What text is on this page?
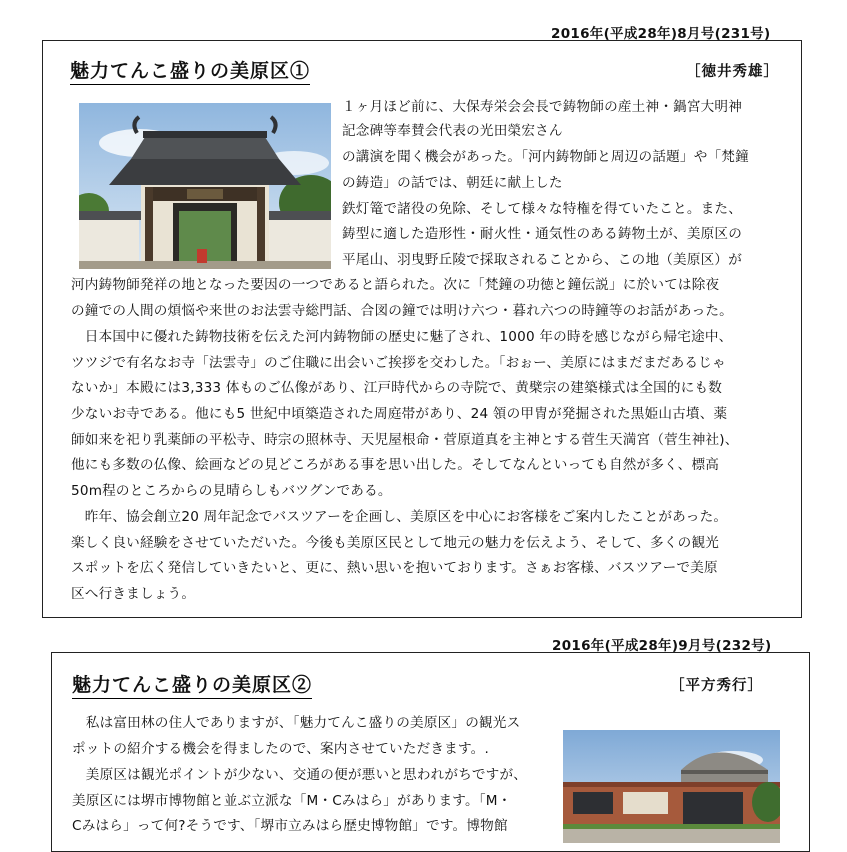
2016年(平成28年)8月号(231号)
魅力てんこ盛りの美原区①	［徳井秀雄］
１ヶ月ほど前に、大保寿栄会会長で鋳物師の産土神・鍋宮大明神
記念碑等奉賛会代表の光田榮宏さん
の講演を聞く機会があった。「河内鋳物師と周辺の話題」や「梵鐘
の鋳造」の話では、朝廷に献上した
鉄灯篭で諸役の免除、そして様々な特権を得ていたこと。また、
鋳型に適した造形性・耐火性・通気性のある鋳物土が、美原区の
平尾山、羽曳野丘陵で採取されることから、この地（美原区）が
河内鋳物師発祥の地となった要因の一つであると語られた。次に「梵鐘の功徳と鐘伝説」に於いては除夜
の鐘での人間の煩悩や来世のお法雲寺総門話、合図の鐘では明け六つ・暮れ六つの時鐘等のお話があった。
　日本国中に優れた鋳物技術を伝えた河内鋳物師の歴史に魅了され、1000 年の時を感じながら帰宅途中、
ツツジで有名なお寺「法雲寺」のご住職に出会いご挨拶を交わした。「おぉー、美原にはまだまだあるじゃ
ないか」本殿には3,333 体ものご仏像があり、江戸時代からの寺院で、黄檗宗の建築様式は全国的にも数
少ないお寺である。他にも5 世紀中頃築造された周庭帯があり、24 領の甲冑が発掘された黒姫山古墳、薬
師如来を祀り乳薬師の平松寺、時宗の照林寺、天児屋根命・菅原道真を主神とする菅生天満宮（菅生神社)、
他にも多数の仏像、絵画などの見どころがある事を思い出した。そしてなんといっても自然が多く、標高
50m程のところからの見晴らしもバツグンである。
　昨年、協会創立20 周年記念でバスツアーを企画し、美原区を中心にお客様をご案内したことがあった。
楽しく良い経験をさせていただいた。今後も美原区民として地元の魅力を伝えよう、そして、多くの観光
スポットを広く発信していきたいと、更に、熱い思いを抱いております。さぁお客様、バスツアーで美原
区へ行きましょう。
2016年(平成28年)9月号(232号)
魅力てんこ盛りの美原区②	［平方秀行］
　私は富田林の住人でありますが、「魅力てんこ盛りの美原区」の観光ス
ポットの紹介する機会を得ましたので、案内させていただきます。.
　美原区は観光ポイントが少ない、交通の便が悪いと思われがちですが、
美原区には堺市博物館と並ぶ立派な「M・Cみはら」があります。「M・
Cみはら」って何?そうです、「堺市立みはら歴史博物館」です。博物館
